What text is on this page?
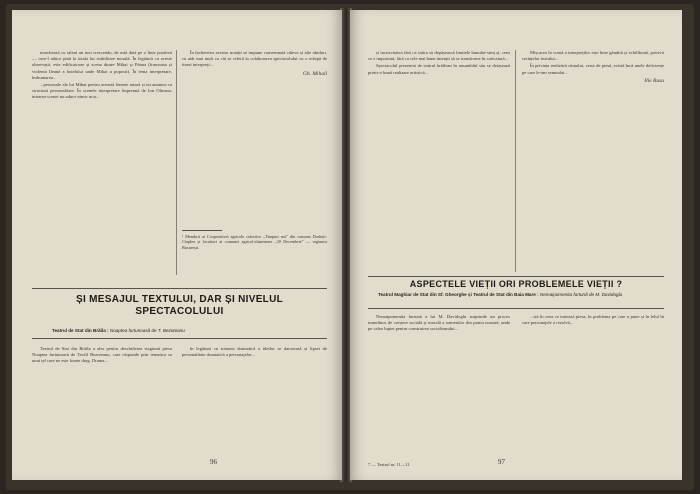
marchează cu talent un nou crescendo, de astă dată pe o linie pozitivă — care-l aduce pină la totala lui reabilitare morală. În legătură cu aceste observații, este edificatoare și scena dintre Mihai și Păuna (frumoasa și violenta Ileană a hotelului unde Mihai a poposit). În tenta interpretare, îndrumarea...

...personale ale lui Mihai pentru această femeie atrasă și nu anumea ca structură personalitate. În scenele interpretare împreună de Ion Olteanu, intrarea scenei nu aduce nimic nou...

În încheierea acestor notații se impune consemnată câteva și alte rânduri, cu atât mai mult cu cât se referă la colaborarea spectacolului cu o echipă de tineri interpreți...

Gh. Mihail
¹ Membrii ai Cooperativei agricole colective „Timpuri noi” din comuna Dudești-Cioplea și locuitori ai comunei agricol-alimentare „30 Decembrie” — regiunea București.
ȘI MESAJUL TEXTULUI, DAR ȘI NIVELUL
SPECTACOLULUI
Teatrul de Stat din Brăila : Noaptea furtunoasă de T. Bezoteanu

Teatrul de Stat din Brăila a ales pentru deschiderea stagiunii piesa Noaptea furtunoasă de Teofil Bezoteanu, care răspunde prin tematica sa unui țel care ne este foarte drag. Drama...

în legătură cu tratarea dramatică a ideilor se datorează și lipsei de personalitate dramatică a personajelor...

96

și incisivitatea fără ca satira să depășească limitele bunului-simț și, ceea ce e important, fără ca cele mai bune intenții să se transforme în caricatură...

Spectacolul prezentat de teatrul brăilean în ansamblul său se detașează printr-o bună realizare artistică...

Mișcarea în scenă a interpreților este bine gândită și echilibrată, potrivit cerințelor textului...

În privința realizării ritmului, cerut de piesă, există încă unele deficiențe pe care le-am semnalat...

Ilie Rusu
ASPECTELE VIEȚII ORI PROBLEMELE VIEȚII ?
Teatrul Maghiar de Stat din Sf. Gheorghe și Teatrul de Stat din Baia Mare : Nemaipomenita furtună de M. Davidoglu

Nemaipomenita furtună a lui M. Davidoglu surprinde un proces tumultuos de creștere socială și morală a oamenilor din patria noastră, unde pe calea luptei pentru construirea socialismului...

...stă în ceea ce tratează piesa, în problema pe care o pune și în felul în care personajele o rezolvă...

7 — Teatrul nr. 11—11	97
